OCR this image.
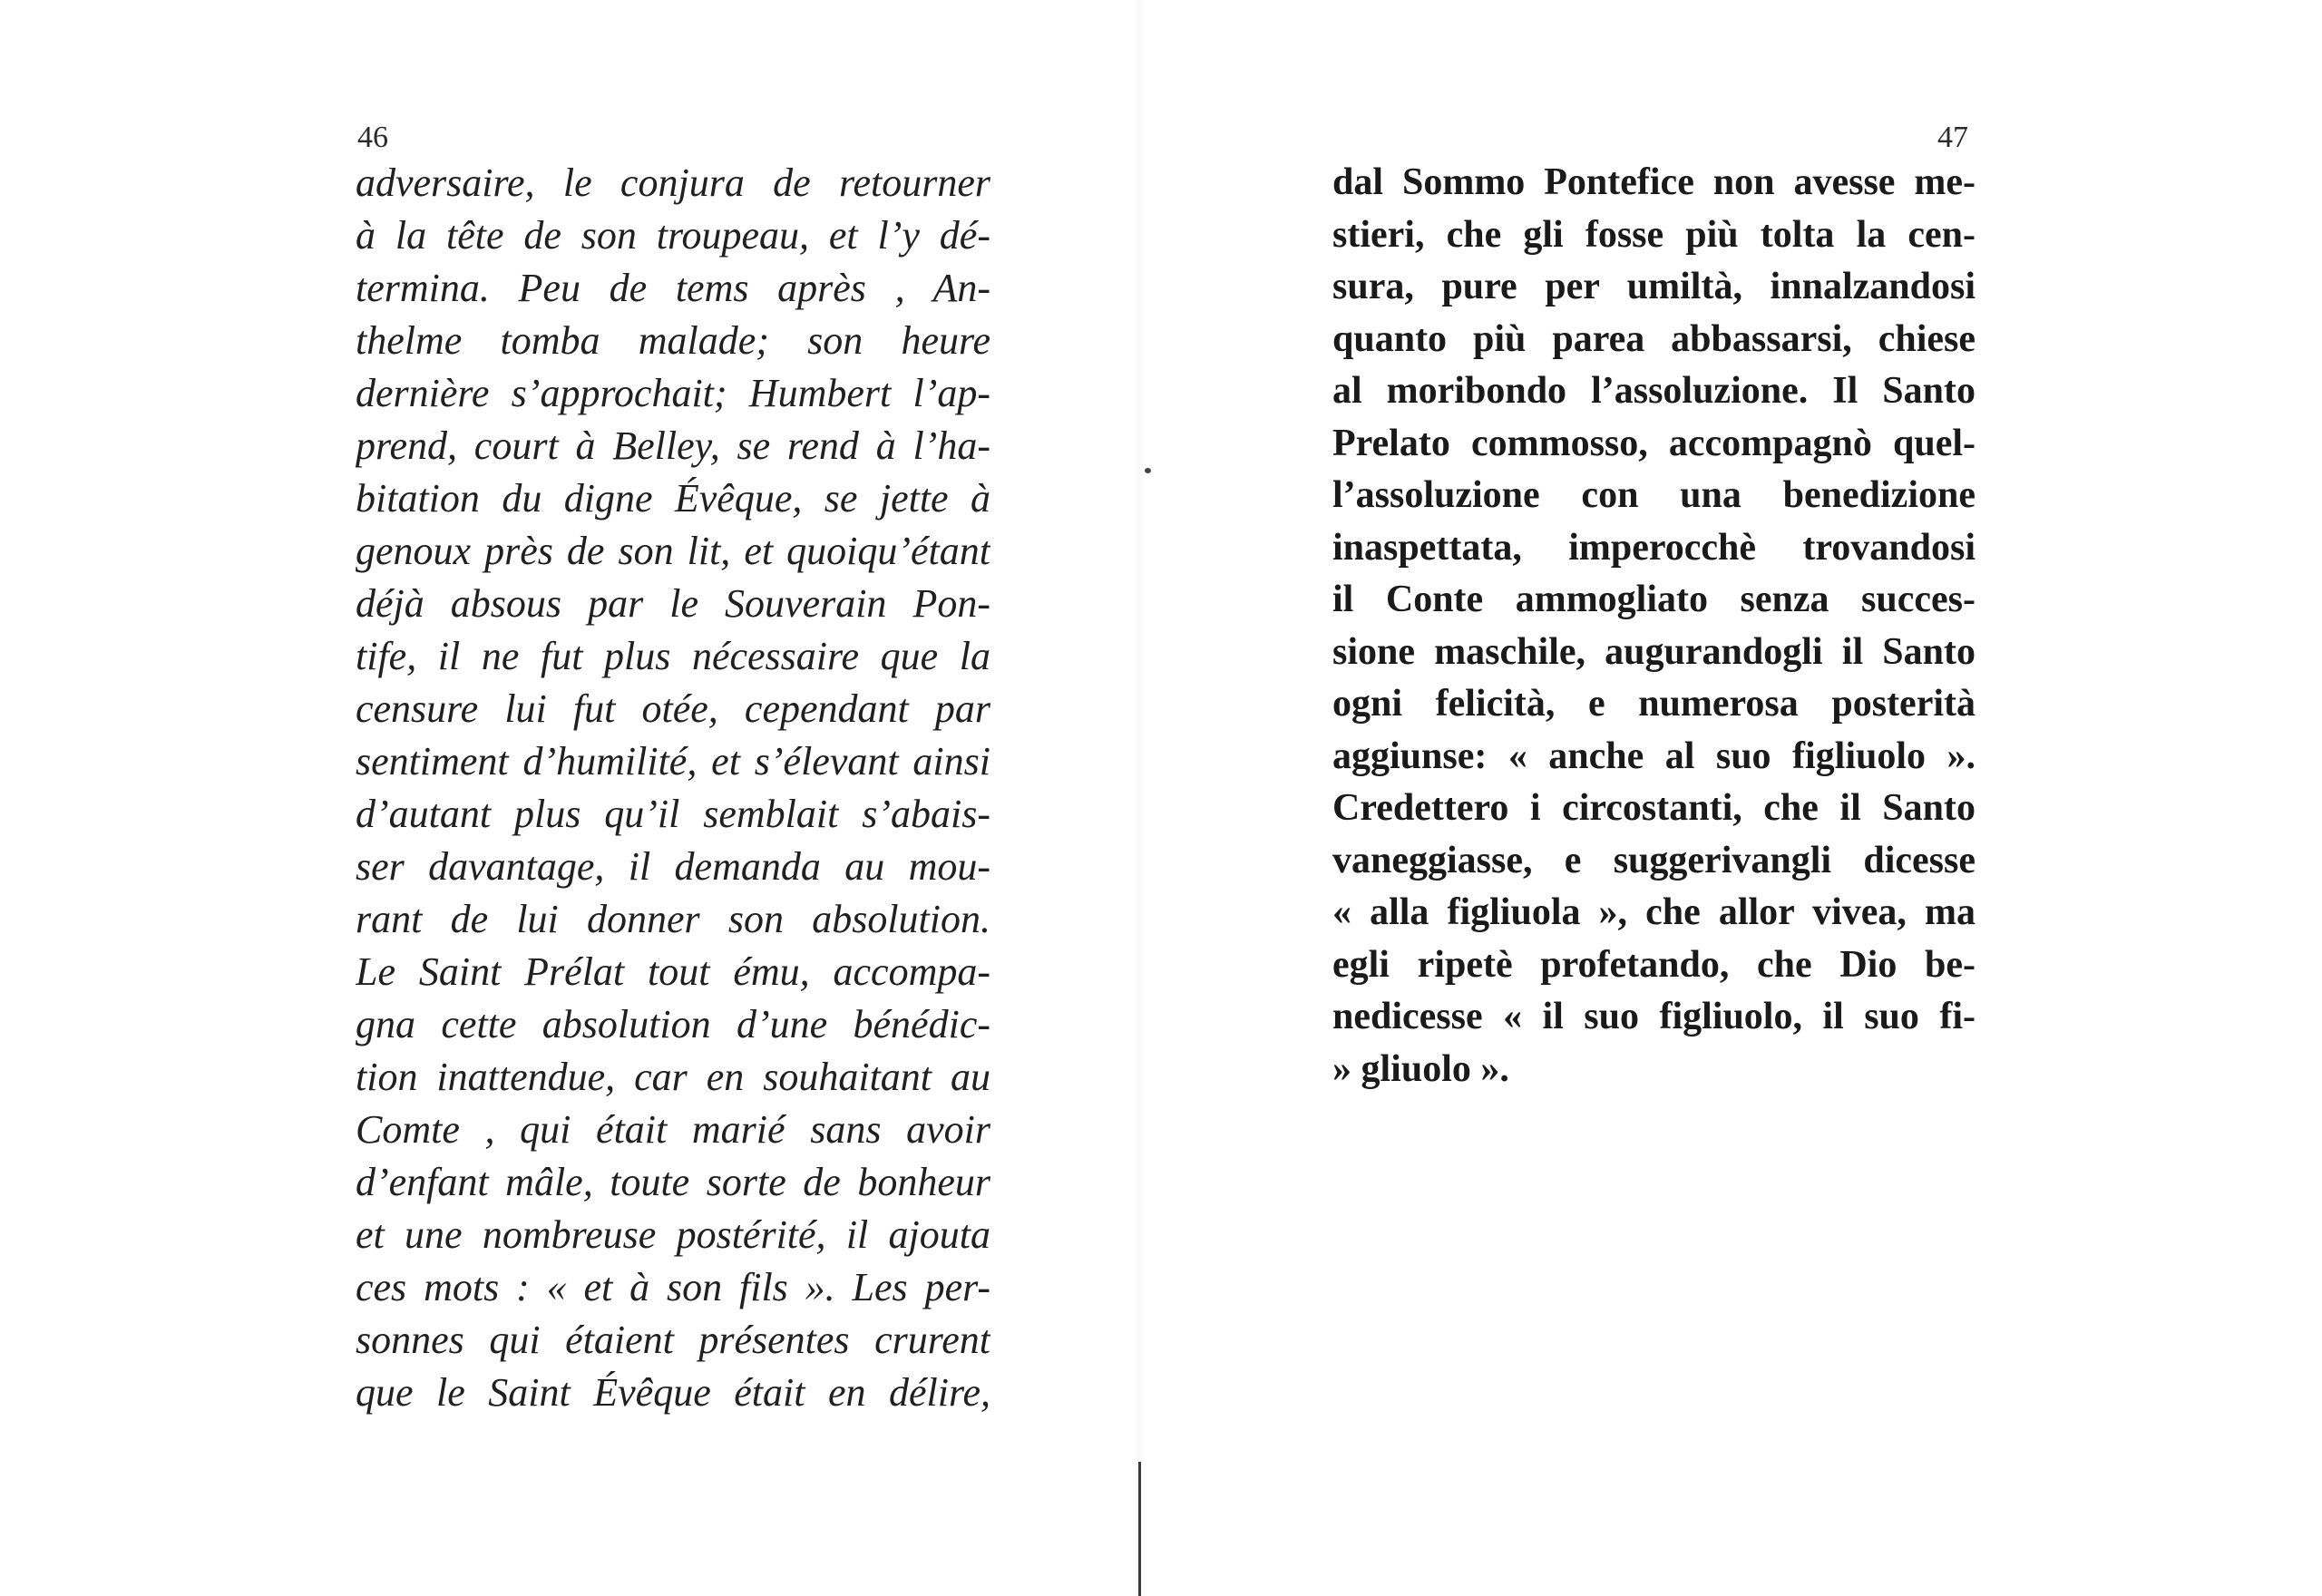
46
adversaire, le conjura de retourner
à la tête de son troupeau, et l’y dé-
termina. Peu de tems après , An-
thelme tomba malade; son heure
dernière s’approchait; Humbert l’ap-
prend, court à Belley, se rend à l’ha-
bitation du digne Évêque, se jette à
genoux près de son lit, et quoiqu’étant
déjà absous par le Souverain Pon-
tife, il ne fut plus nécessaire que la
censure lui fut otée, cependant par
sentiment d’humilité, et s’élevant ainsi
d’autant plus qu’il semblait s’abais-
ser davantage, il demanda au mou-
rant de lui donner son absolution.
Le Saint Prélat tout ému, accompa-
gna cette absolution d’une bénédic-
tion inattendue, car en souhaitant au
Comte , qui était marié sans avoir
d’enfant mâle, toute sorte de bonheur
et une nombreuse postérité, il ajouta
ces mots : « et à son fils ». Les per-
sonnes qui étaient présentes crurent
que le Saint Évêque était en délire,
47
dal Sommo Pontefice non avesse me-
stieri, che gli fosse più tolta la cen-
sura, pure per umiltà, innalzandosi
quanto più parea abbassarsi, chiese
al moribondo l’assoluzione. Il Santo
Prelato commosso, accompagnò quel-
l’assoluzione con una benedizione
inaspettata, imperocchè trovandosi
il Conte ammogliato senza succes-
sione maschile, augurandogli il Santo
ogni felicità, e numerosa posterità
aggiunse: « anche al suo figliuolo ».
Credettero i circostanti, che il Santo
vaneggiasse, e suggerivangli dicesse
« alla figliuola », che allor vivea, ma
egli ripetè profetando, che Dio be-
nedicesse « il suo figliuolo, il suo fi-
» gliuolo ».
